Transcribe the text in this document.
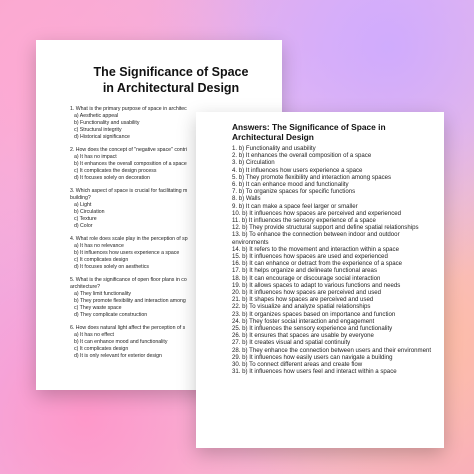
The Significance of Space
in Architectural Design
1. What is the primary purpose of space in architec
a) Aesthetic appeal
b) Functionality and usability
c) Structural integrity
d) Historical significance
2. How does the concept of "negative space" contri
a) It has no impact
b) It enhances the overall composition of a space
c) It complicates the design process
d) It focuses solely on decoration
3. Which aspect of space is crucial for facilitating m
building?
a) Light
b) Circulation
c) Texture
d) Color
4. What role does scale play in the perception of sp
a) It has no relevance
b) It influences how users experience a space
c) It complicates design
d) It focuses solely on aesthetics
5. What is the significance of open floor plans in co
architecture?
a) They limit functionality
b) They promote flexibility and interaction among
c) They waste space
d) They complicate construction
6. How does natural light affect the perception of s
a) It has no effect
b) It can enhance mood and functionality
c) It complicates design
d) It is only relevant for exterior design
Answers: The Significance of Space in
Architectural Design
1. b) Functionality and usability
2. b) It enhances the overall composition of a space
3. b) Circulation
4. b) It influences how users experience a space
5. b) They promote flexibility and interaction among spaces
6. b) It can enhance mood and functionality
7. b) To organize spaces for specific functions
8. b) Walls
9. b) It can make a space feel larger or smaller
10. b) It influences how spaces are perceived and experienced
11. b) It influences the sensory experience of a space
12. b) They provide structural support and define spatial relationships
13. b) To enhance the connection between indoor and outdoor environments
14. b) It refers to the movement and interaction within a space
15. b) It influences how spaces are used and experienced
16. b) It can enhance or detract from the experience of a space
17. b) It helps organize and delineate functional areas
18. b) It can encourage or discourage social interaction
19. b) It allows spaces to adapt to various functions and needs
20. b) It influences how spaces are perceived and used
21. b) It shapes how spaces are perceived and used
22. b) To visualize and analyze spatial relationships
23. b) It organizes spaces based on importance and function
24. b) They foster social interaction and engagement
25. b) It influences the sensory experience and functionality
26. b) It ensures that spaces are usable by everyone
27. b) It creates visual and spatial continuity
28. b) They enhance the connection between users and their environment
29. b) It influences how easily users can navigate a building
30. b) To connect different areas and create flow
31. b) It influences how users feel and interact within a space
